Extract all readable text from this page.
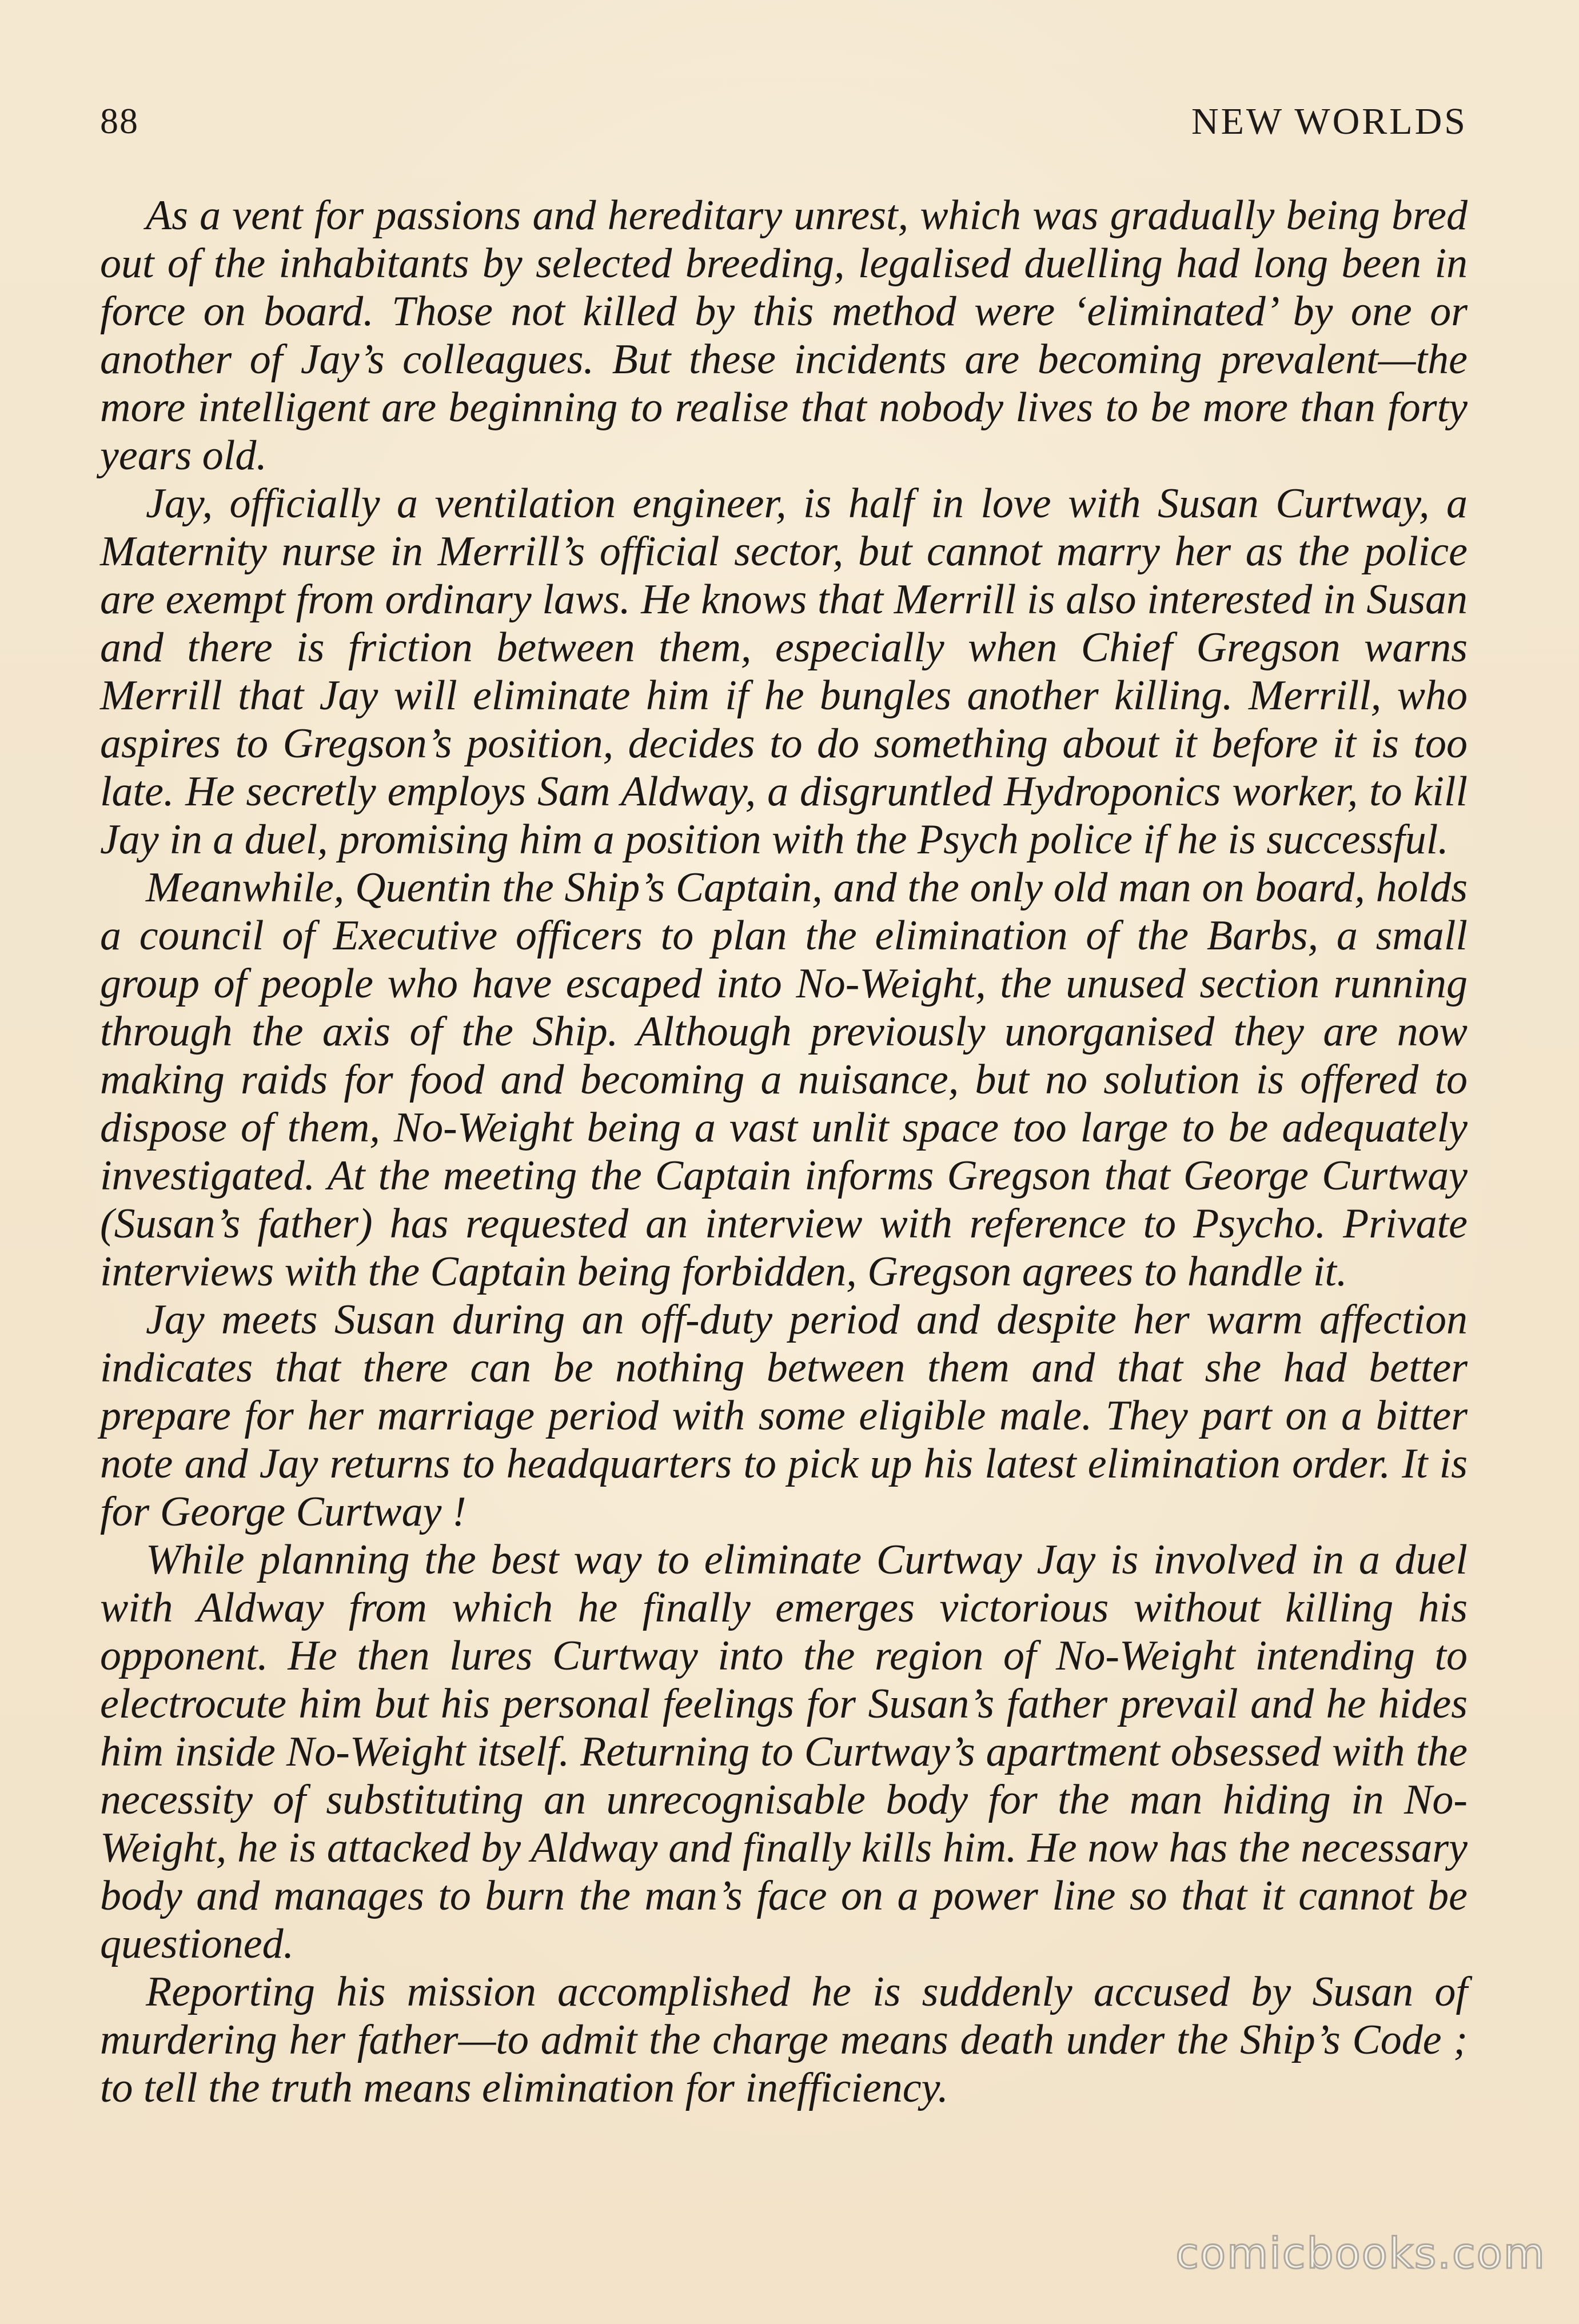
88	NEW WORLDS

As a vent for passions and hereditary unrest, which was gradually being bred out of the inhabitants by selected breeding, legalised duelling had long been in force on board. Those not killed by this method were ‘eliminated’ by one or another of Jay’s colleagues. But these incidents are becoming prevalent—the more intelligent are beginning to realise that nobody lives to be more than forty years old.

Jay, officially a ventilation engineer, is half in love with Susan Curtway, a Maternity nurse in Merrill’s official sector, but cannot marry her as the police are exempt from ordinary laws. He knows that Merrill is also interested in Susan and there is friction between them, especially when Chief Gregson warns Merrill that Jay will eliminate him if he bungles another killing. Merrill, who aspires to Gregson’s position, decides to do something about it before it is too late. He secretly employs Sam Aldway, a disgruntled Hydroponics worker, to kill Jay in a duel, promising him a position with the Psych police if he is successful.

Meanwhile, Quentin the Ship’s Captain, and the only old man on board, holds a council of Executive officers to plan the elimination of the Barbs, a small group of people who have escaped into No-Weight, the unused section running through the axis of the Ship. Although previously unorganised they are now making raids for food and becoming a nuisance, but no solution is offered to dispose of them, No-Weight being a vast unlit space too large to be adequately investigated. At the meeting the Captain informs Gregson that George Curtway (Susan’s father) has requested an interview with reference to Psycho. Private interviews with the Captain being forbidden, Gregson agrees to handle it.

Jay meets Susan during an off-duty period and despite her warm affection indicates that there can be nothing between them and that she had better prepare for her marriage period with some eligible male. They part on a bitter note and Jay returns to headquarters to pick up his latest elimination order. It is for George Curtway !

While planning the best way to eliminate Curtway Jay is involved in a duel with Aldway from which he finally emerges victorious without killing his opponent. He then lures Curtway into the region of No-Weight intending to electrocute him but his personal feelings for Susan’s father prevail and he hides him inside No-Weight itself. Returning to Curtway’s apartment obsessed with the necessity of substituting an unrecognisable body for the man hiding in No-Weight, he is attacked by Aldway and finally kills him. He now has the necessary body and manages to burn the man’s face on a power line so that it cannot be questioned.

Reporting his mission accomplished he is suddenly accused by Susan of murdering her father—to admit the charge means death under the Ship’s Code ; to tell the truth means elimination for inefficiency.

comicbooks.com
